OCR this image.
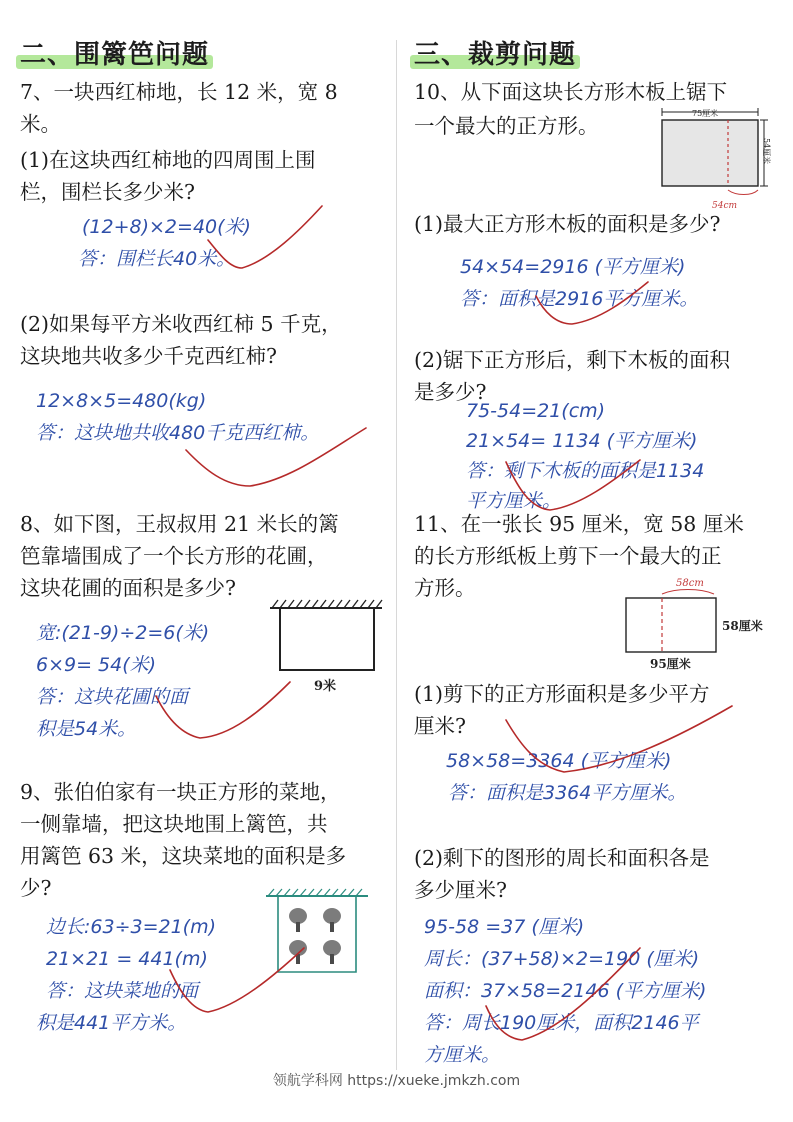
二、围篱笆问题
7、一块西红柿地，长 12 米，宽 8
米。
(1)在这块西红柿地的四周围上围
栏，围栏长多少米?
(12+8)×2=40(米)
答：围栏长40米。
(2)如果每平方米收西红柿 5 千克，
这块地共收多少千克西红柿?
12×8×5=480(kg)
答：这块地共收480千克西红柿。
8、如下图，王叔叔用 21 米长的篱
笆靠墙围成了一个长方形的花圃，
这块花圃的面积是多少?
9米
宽:(21-9)÷2=6(米)
6×9= 54(米)
答：这块花圃的面
积是54米。
9、张伯伯家有一块正方形的菜地，
一侧靠墙，把这块地围上篱笆，共
用篱笆 63 米，这块菜地的面积是多
少?
边长:63÷3=21(m)
21×21 = 441(m)
答：这块菜地的面
积是441平方米。
三、裁剪问题
10、从下面这块长方形木板上锯下
一个最大的正方形。
75厘米
54厘米
54cm
(1)最大正方形木板的面积是多少?
54×54=2916 (平方厘米)
答：面积是2916平方厘米。
(2)锯下正方形后，剩下木板的面积
是多少?
75-54=21(cm)
21×54= 1134 (平方厘米)
答：剩下木板的面积是1134
平方厘米。
11、在一张长 95 厘米，宽 58 厘米
的长方形纸板上剪下一个最大的正
方形。	58cm
58厘米
95厘米
(1)剪下的正方形面积是多少平方
厘米?
58×58=3364 (平方厘米)
答：面积是3364平方厘米。
(2)剩下的图形的周长和面积各是
多少厘米?
95-58 =37 (厘米)
周长：(37+58)×2=190 (厘米)
面积：37×58=2146 (平方厘米)
答：周长190厘米，面积2146平
方厘米。
领航学科网 https://xueke.jmkzh.com
